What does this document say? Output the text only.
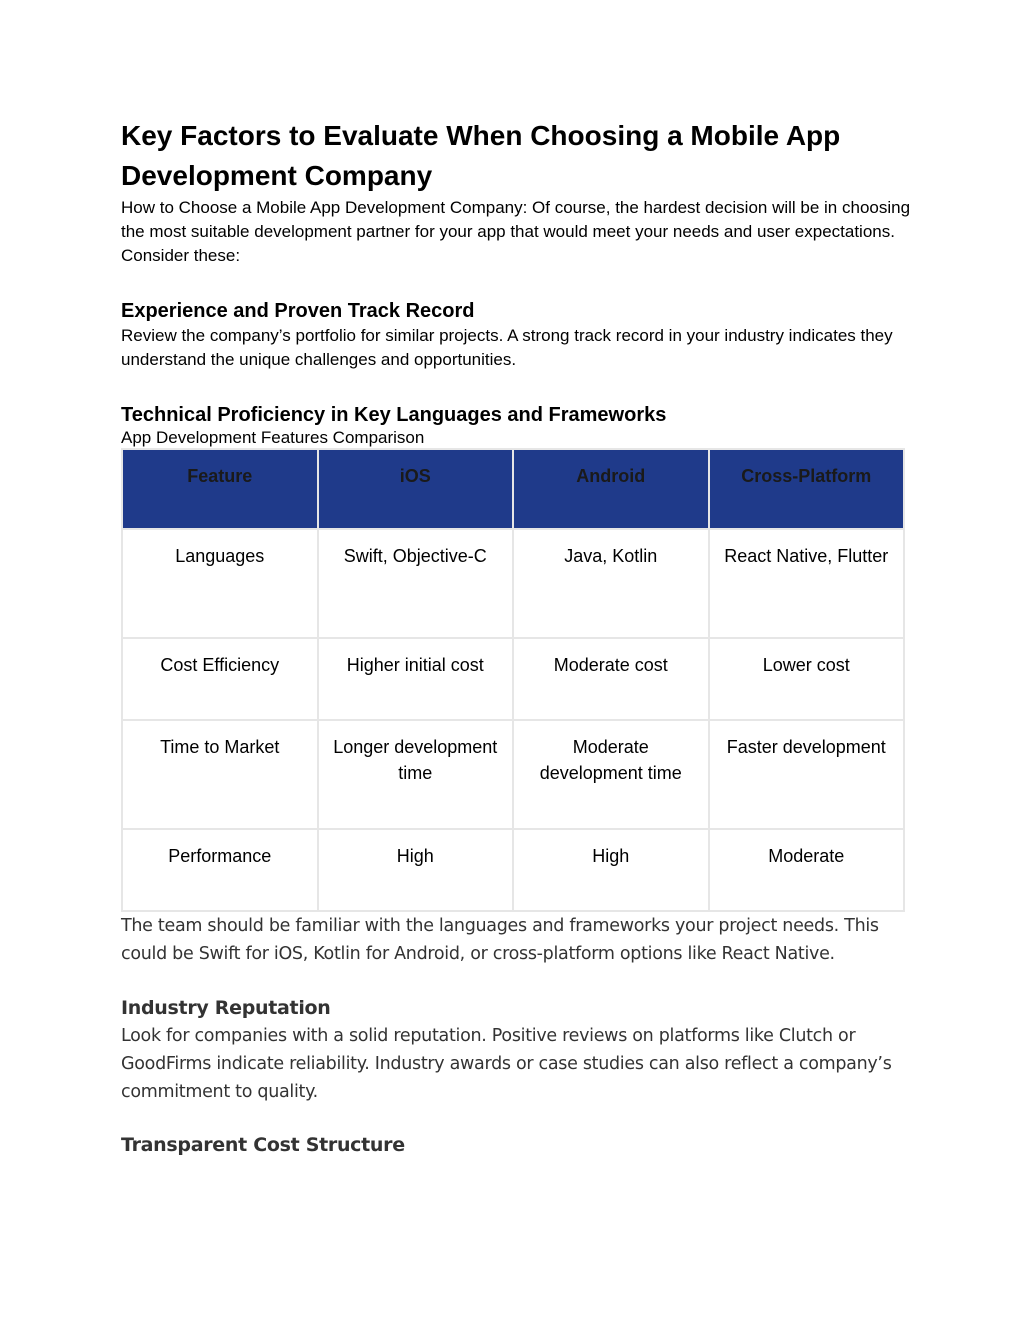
Key Factors to Evaluate When Choosing a Mobile App Development Company

How to Choose a Mobile App Development Company: Of course, the hardest decision will be in choosing the most suitable development partner for your app that would meet your needs and user expectations. Consider these:

Experience and Proven Track Record

Review the company’s portfolio for similar projects. A strong track record in your industry indicates they understand the unique challenges and opportunities.

Technical Proficiency in Key Languages and Frameworks

App Development Features Comparison

Feature	iOS	Android	Cross-Platform
Languages	Swift, Objective-C	Java, Kotlin	React Native, Flutter
Cost Efficiency	Higher initial cost	Moderate cost	Lower cost
Time to Market	Longer development time	Moderate development time	Faster development
Performance	High	High	Moderate

The team should be familiar with the languages and frameworks your project needs. This could be Swift for iOS, Kotlin for Android, or cross-platform options like React Native.

Industry Reputation

Look for companies with a solid reputation. Positive reviews on platforms like Clutch or GoodFirms indicate reliability. Industry awards or case studies can also reflect a company’s commitment to quality.

Transparent Cost Structure
